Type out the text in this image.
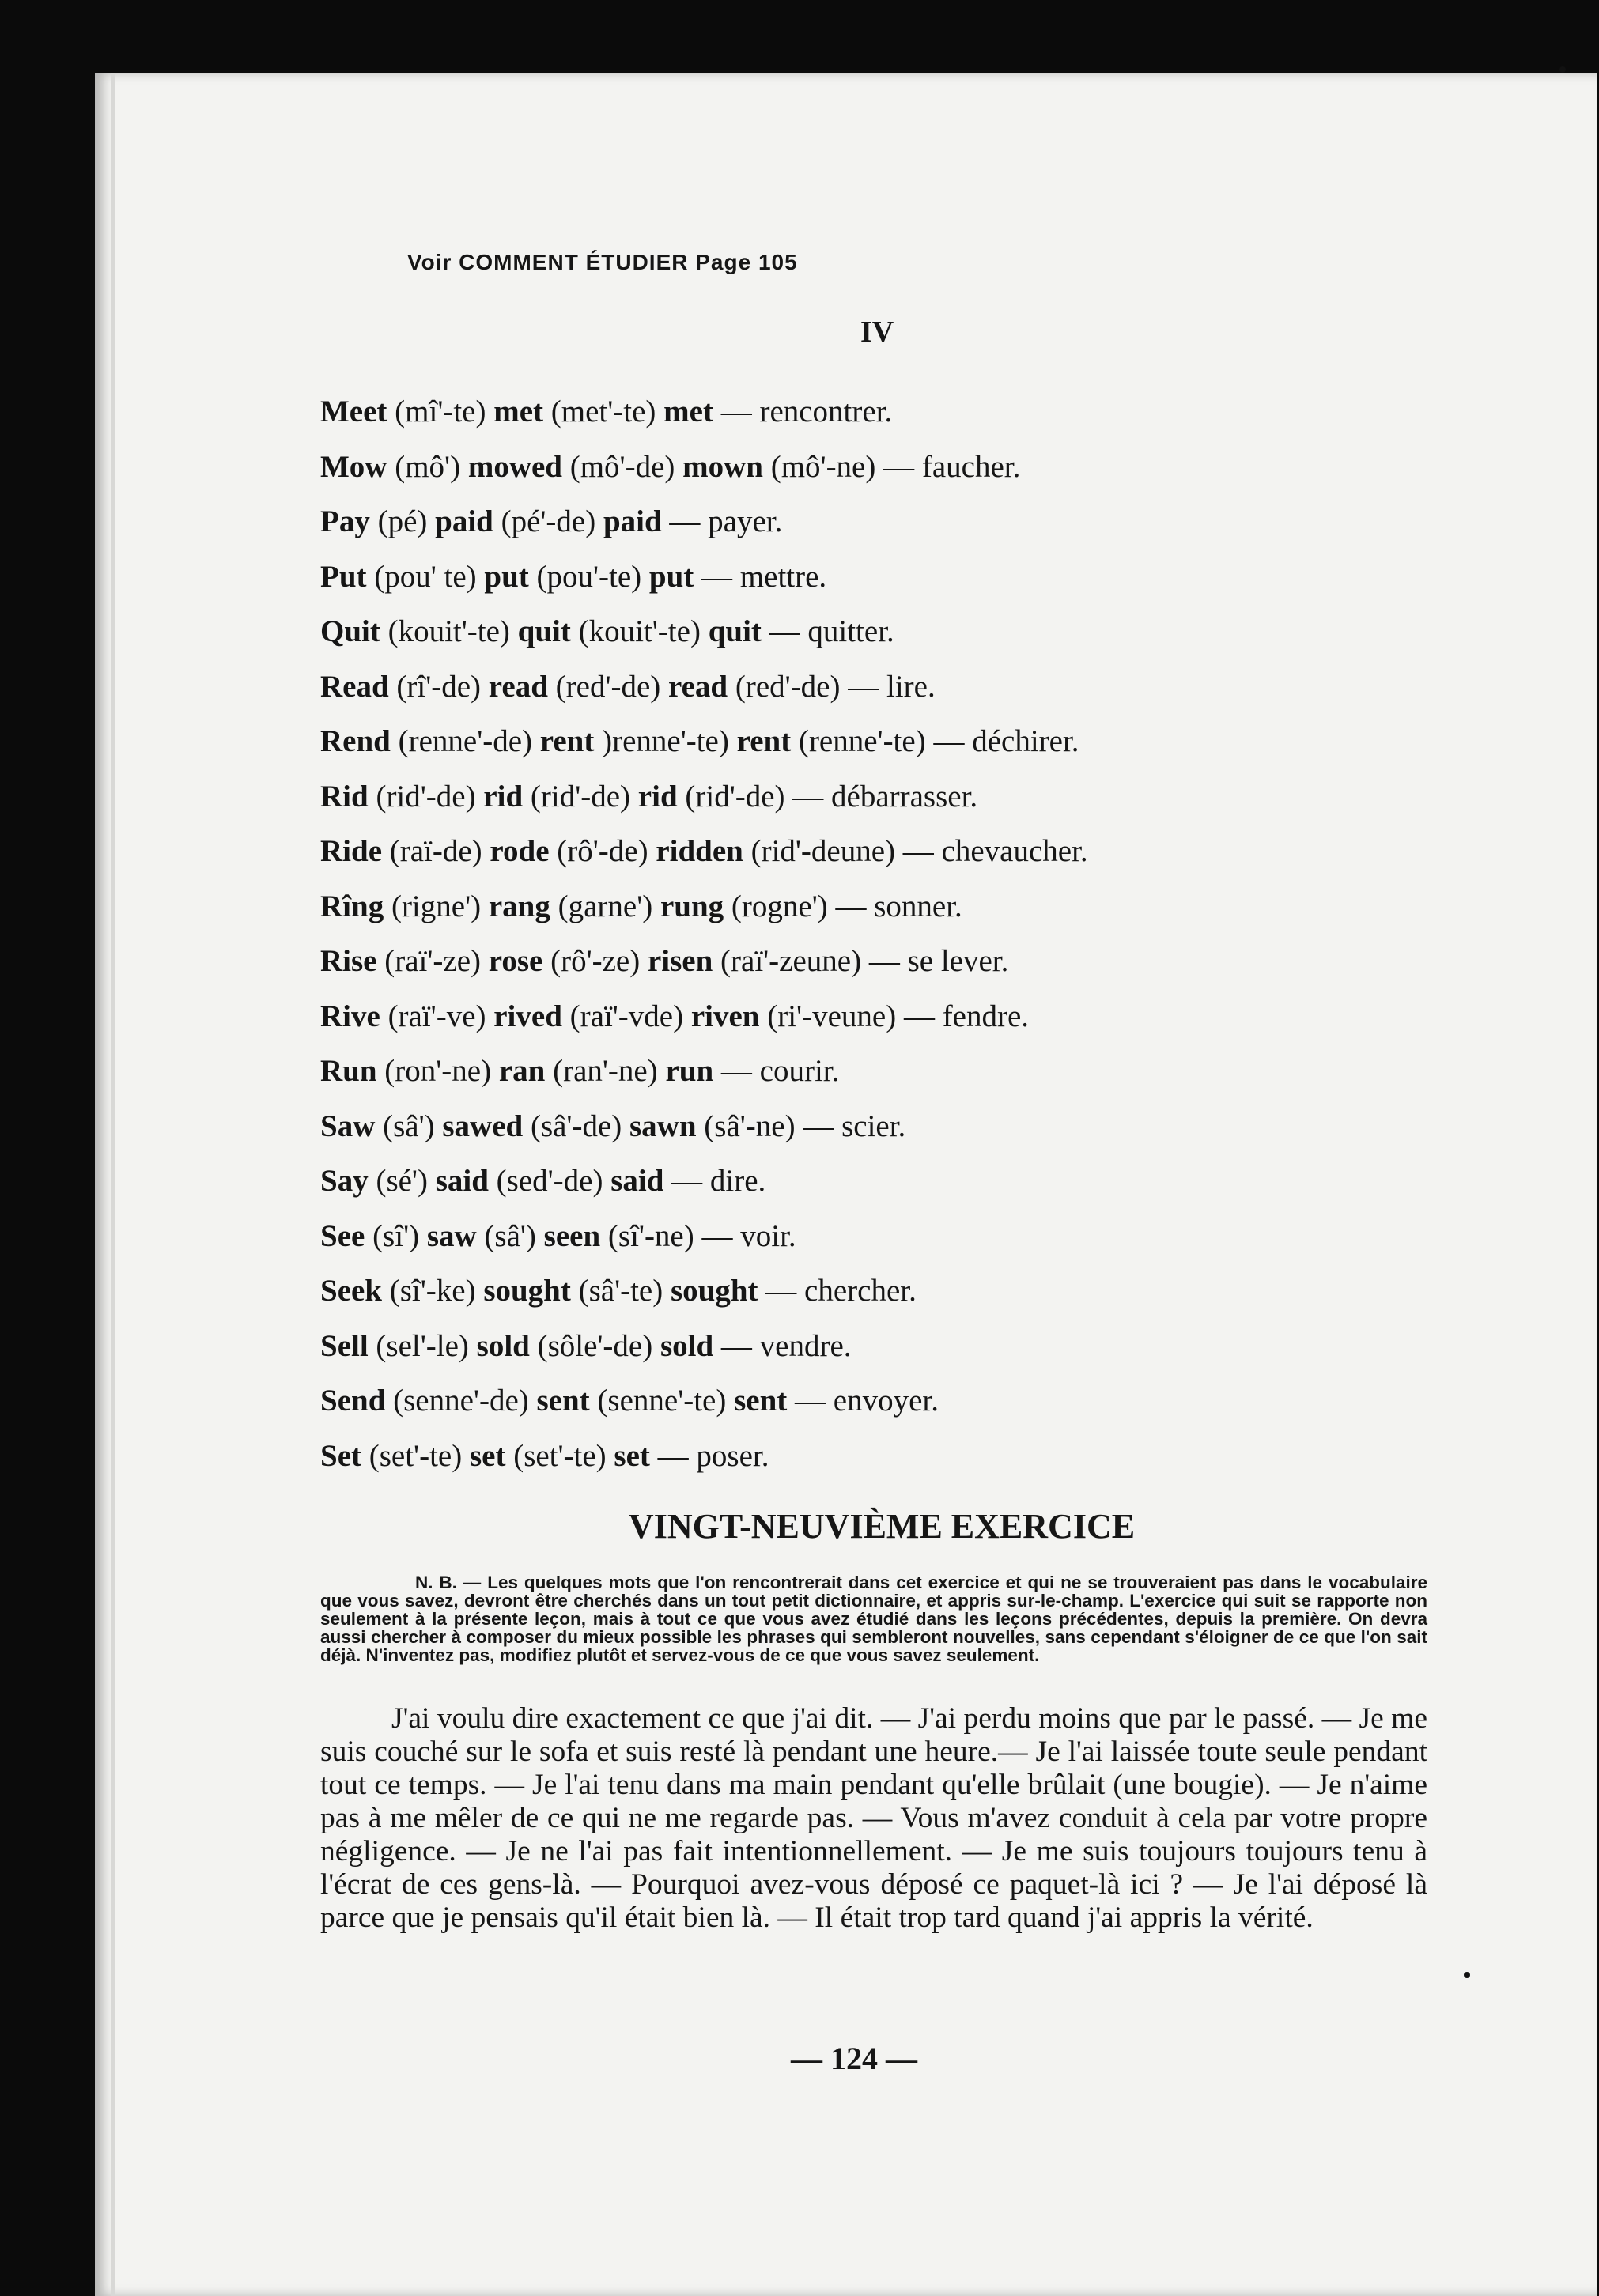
Voir COMMENT ÉTUDIER Page 105

IV

Meet (mî'-te) met (met'-te) met — rencontrer.
Mow (mô') mowed (mô'-de) mown (mô'-ne) — faucher.
Pay (pé) paid (pé'-de) paid — payer.
Put (pou' te) put (pou'-te) put — mettre.
Quit (kouit'-te) quit (kouit'-te) quit — quitter.
Read (rî'-de) read (red'-de) read (red'-de) — lire.
Rend (renne'-de) rent )renne'-te) rent (renne'-te) — déchirer.
Rid (rid'-de) rid (rid'-de) rid (rid'-de) — débarrasser.
Ride (raï-de) rode (rô'-de) ridden (rid'-deune) — chevaucher.
Rîng (rigne') rang (garne') rung (rogne') — sonner.
Rise (raï'-ze) rose (rô'-ze) risen (raï'-zeune) — se lever.
Rive (raï'-ve) rived (raï'-vde) riven (ri'-veune) — fendre.
Run (ron'-ne) ran (ran'-ne) run — courir.
Saw (sâ') sawed (sâ'-de) sawn (sâ'-ne) — scier.
Say (sé') said (sed'-de) said — dire.
See (sî') saw (sâ') seen (sî'-ne) — voir.
Seek (sî'-ke) sought (sâ'-te) sought — chercher.
Sell (sel'-le) sold (sôle'-de) sold — vendre.
Send (senne'-de) sent (senne'-te) sent — envoyer.
Set (set'-te) set (set'-te) set — poser.
VINGT-NEUVIÈME EXERCICE

N. B. — Les quelques mots que l'on rencontrerait dans cet exercice et qui ne se trouveraient pas dans le vocabulaire que vous savez, devront être cherchés dans un tout petit dictionnaire, et appris sur-le-champ. L'exercice qui suit se rapporte non seulement à la présente leçon, mais à tout ce que vous avez étudié dans les leçons précédentes, depuis la première. On devra aussi chercher à composer du mieux possible les phrases qui sembleront nouvelles, sans cependant s'éloigner de ce que l'on sait déjà. N'inventez pas, modifiez plutôt et servez-vous de ce que vous savez seulement.

J'ai voulu dire exactement ce que j'ai dit. — J'ai perdu moins que par le passé. — Je me suis couché sur le sofa et suis resté là pendant une heure.— Je l'ai laissée toute seule pendant tout ce temps. — Je l'ai tenu dans ma main pendant qu'elle brûlait (une bougie). — Je n'aime pas à me mêler de ce qui ne me regarde pas. — Vous m'avez conduit à cela par votre propre négligence. — Je ne l'ai pas fait intentionnellement. — Je me suis toujours toujours tenu à l'écrat de ces gens-là. — Pourquoi avez-vous déposé ce paquet-là ici ? — Je l'ai déposé là parce que je pensais qu'il était bien là. — Il était trop tard quand j'ai appris la vérité.

— 124 —
